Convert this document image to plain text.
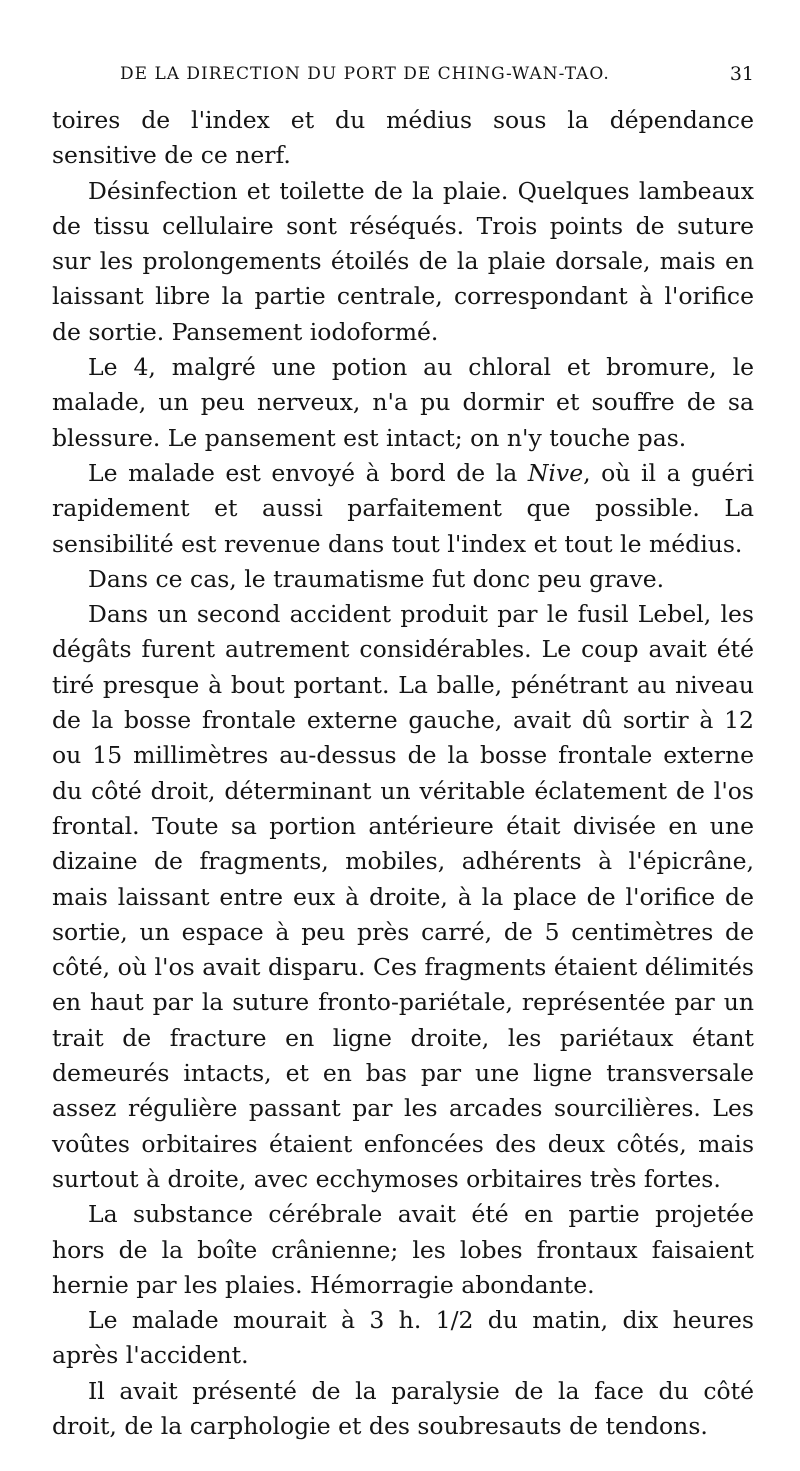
DE LA DIRECTION DU PORT DE CHING-WAN-TAO.	31

toires de l'index et du médius sous la dépendance sensitive de ce nerf.

Désinfection et toilette de la plaie. Quelques lambeaux de tissu cellulaire sont réséqués. Trois points de suture sur les prolongements étoilés de la plaie dorsale, mais en laissant libre la partie centrale, correspondant à l'orifice de sortie. Pansement iodoformé.

Le 4, malgré une potion au chloral et bromure, le malade, un peu nerveux, n'a pu dormir et souffre de sa blessure. Le pansement est intact; on n'y touche pas.

Le malade est envoyé à bord de la Nive, où il a guéri rapidement et aussi parfaitement que possible. La sensibilité est revenue dans tout l'index et tout le médius.

Dans ce cas, le traumatisme fut donc peu grave.

Dans un second accident produit par le fusil Lebel, les dégâts furent autrement considérables. Le coup avait été tiré presque à bout portant. La balle, pénétrant au niveau de la bosse frontale externe gauche, avait dû sortir à 12 ou 15 millimètres au-dessus de la bosse frontale externe du côté droit, déterminant un véritable éclatement de l'os frontal. Toute sa portion antérieure était divisée en une dizaine de fragments, mobiles, adhérents à l'épicrâne, mais laissant entre eux à droite, à la place de l'orifice de sortie, un espace à peu près carré, de 5 centimètres de côté, où l'os avait disparu. Ces fragments étaient délimités en haut par la suture fronto-pariétale, représentée par un trait de fracture en ligne droite, les pariétaux étant demeurés intacts, et en bas par une ligne transversale assez régulière passant par les arcades sourcilières. Les voûtes orbitaires étaient enfoncées des deux côtés, mais surtout à droite, avec ecchymoses orbitaires très fortes.

La substance cérébrale avait été en partie projetée hors de la boîte crânienne; les lobes frontaux faisaient hernie par les plaies. Hémorragie abondante.

Le malade mourait à 3 h. 1/2 du matin, dix heures après l'accident.

Il avait présenté de la paralysie de la face du côté droit, de la carphologie et des soubresauts de tendons.
